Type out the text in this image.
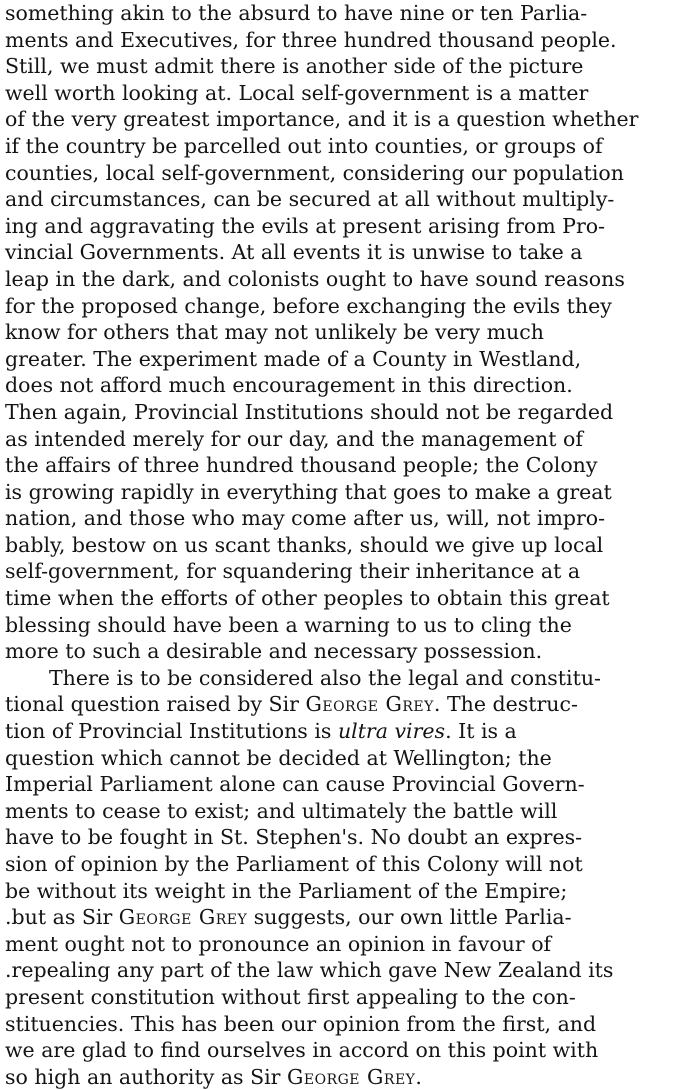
something akin to the absurd to have nine or ten Parlia-
ments and Executives, for three hundred thousand people.
Still, we must admit there is another side of the picture
well worth looking at. Local self-government is a matter
of the very greatest importance, and it is a question whether
if the country be parcelled out into counties, or groups of
counties, local self-government, considering our population
and circumstances, can be secured at all without multiply-
ing and aggravating the evils at present arising from Pro-
vincial Governments. At all events it is unwise to take a
leap in the dark, and colonists ought to have sound reasons
for the proposed change, before exchanging the evils they
know for others that may not unlikely be very much
greater. The experiment made of a County in Westland,
does not afford much encouragement in this direction.
Then again, Provincial Institutions should not be regarded
as intended merely for our day, and the management of
the affairs of three hundred thousand people; the Colony
is growing rapidly in everything that goes to make a great
nation, and those who may come after us, will, not impro-
bably, bestow on us scant thanks, should we give up local
self-government, for squandering their inheritance at a
time when the efforts of other peoples to obtain this great
blessing should have been a warning to us to cling the
more to such a desirable and necessary possession.
There is to be considered also the legal and constitu-
tional question raised by Sir George Grey. The destruc-
tion of Provincial Institutions is ultra vires. It is a
question which cannot be decided at Wellington; the
Imperial Parliament alone can cause Provincial Govern-
ments to cease to exist; and ultimately the battle will
have to be fought in St. Stephen's. No doubt an expres-
sion of opinion by the Parliament of this Colony will not
be without its weight in the Parliament of the Empire;
.but as Sir George Grey suggests, our own little Parlia-
ment ought not to pronounce an opinion in favour of
.repealing any part of the law which gave New Zealand its
present constitution without first appealing to the con-
stituencies. This has been our opinion from the first, and
we are glad to find ourselves in accord on this point with
so high an authority as Sir George Grey.
